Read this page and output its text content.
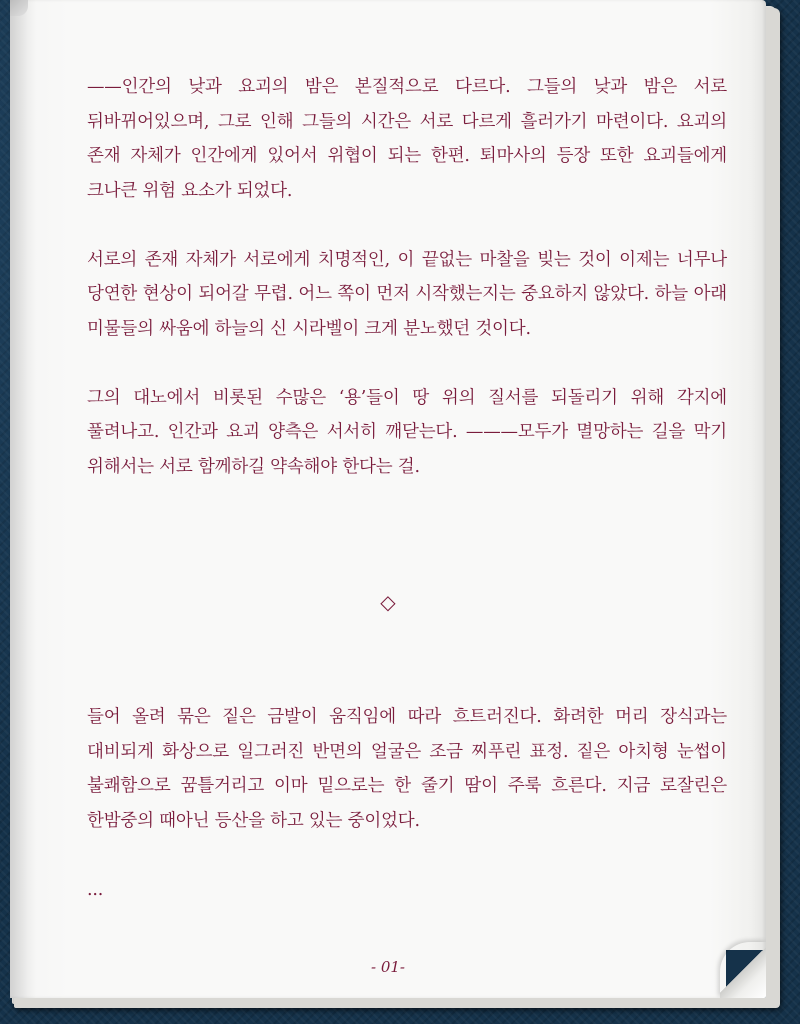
——인간의 낮과 요괴의 밤은 본질적으로 다르다. 그들의 낮과 밤은 서로 뒤바뀌어있으며, 그로 인해 그들의 시간은 서로 다르게 흘러가기 마련이다. 요괴의 존재 자체가 인간에게 있어서 위협이 되는 한편. 퇴마사의 등장 또한 요괴들에게 크나큰 위험 요소가 되었다.

서로의 존재 자체가 서로에게 치명적인, 이 끝없는 마찰을 빚는 것이 이제는 너무나 당연한 현상이 되어갈 무렵. 어느 쪽이 먼저 시작했는지는 중요하지 않았다. 하늘 아래 미물들의 싸움에 하늘의 신 시라벨이 크게 분노했던 것이다.

그의 대노에서 비롯된 수많은 ‘용’들이 땅 위의 질서를 되돌리기 위해 각지에 풀려나고. 인간과 요괴 양측은 서서히 깨닫는다. ———모두가 멸망하는 길을 막기 위해서는 서로 함께하길 약속해야 한다는 걸.

◇

들어 올려 묶은 짙은 금발이 움직임에 따라 흐트러진다. 화려한 머리 장식과는 대비되게 화상으로 일그러진 반면의 얼굴은 조금 찌푸린 표정. 짙은 아치형 눈썹이 불쾌함으로 꿈틀거리고 이마 밑으로는 한 줄기 땀이 주룩 흐른다. 지금 로잘린은 한밤중의 때아닌 등산을 하고 있는 중이었다.

...

- 01-
